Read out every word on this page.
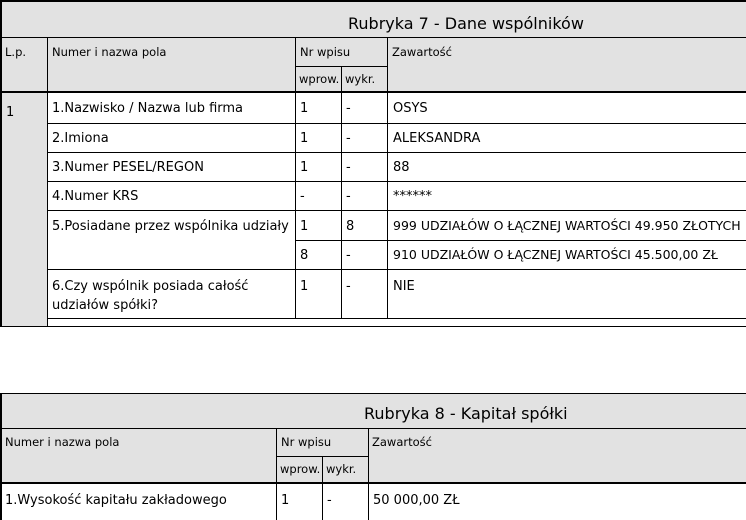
Rubryka 7 - Dane wspólników
L.p. Numer i nazwa pola	Nr wpisu
wprow. wykr.
Zawartość
1	1.Nazwisko / Nazwa lub firma	1	-	OSYS
2.Imiona	1	-	ALEKSANDRA
3.Numer PESEL/REGON	1	-	88
4.Numer KRS	-	-	******
5.Posiadane przez wspólnika udziały 1	8	999 UDZIAŁÓW O ŁĄCZNEJ WARTOŚCI 49.950 ZŁOTYCH
8	-	910 UDZIAŁÓW O ŁĄCZNEJ WARTOŚCI 45.500,00 ZŁ
6.Czy wspólnik posiada całość
udziałów spółki?
1	-	NIE
Rubryka 8 - Kapitał spółki
Numer i nazwa pola	Nr wpisu
wprow. wykr.
Zawartość
1.Wysokość kapitału zakładowego	1	-	50 000,00 ZŁ
